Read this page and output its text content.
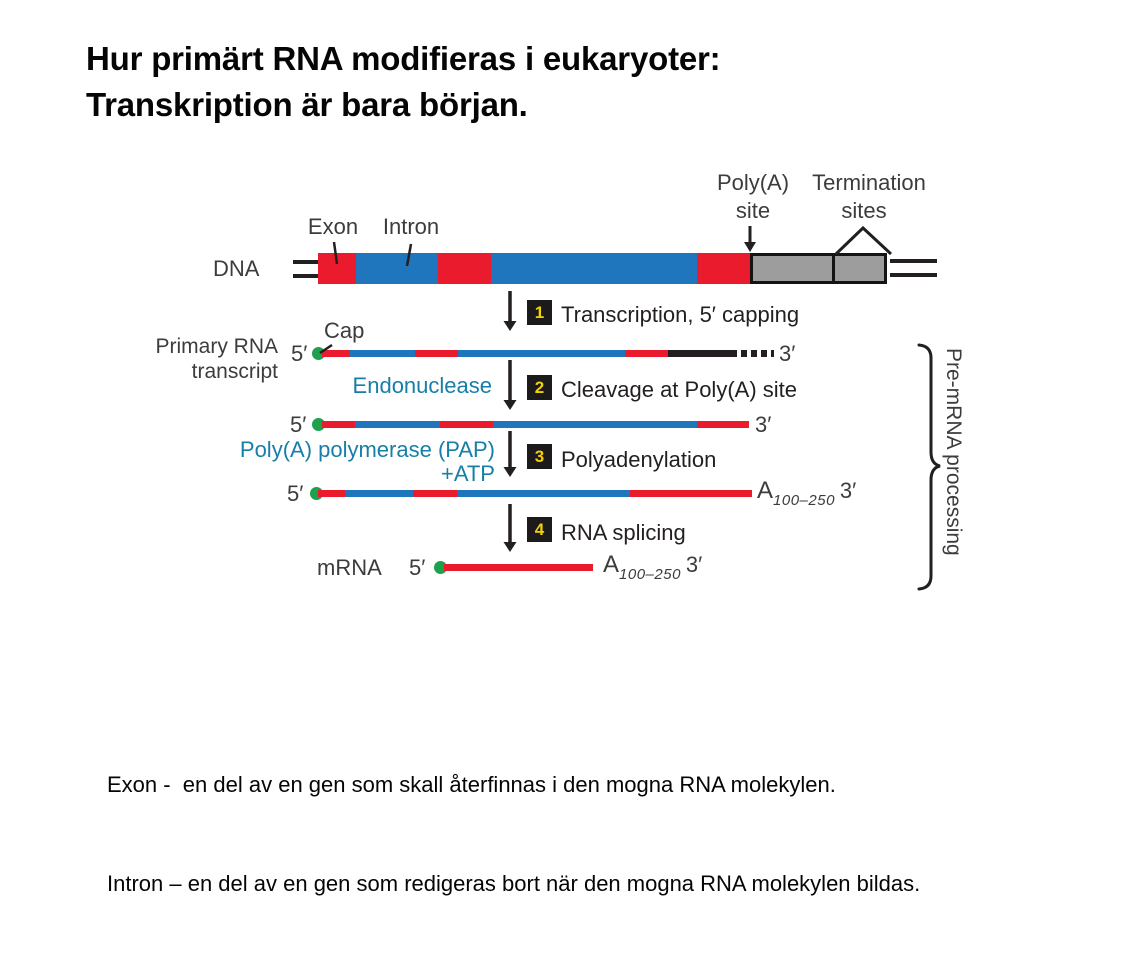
Hur primärt RNA modifieras i eukaryoter:
Transkription är bara början.
DNA
Exon Intron
Poly(A)
site
Termination
sites
1 Transcription, 5′ capping
Primary RNA
transcript
Cap
5′	3′
Endonuclease	2 Cleavage at Poly(A) site
5′	3′
Poly(A) polymerase (PAP)
+ATP
3 Polyadenylation
5′	A100–250 3′
4 RNA splicing
mRNA 5′	A100–250 3′
Pre-mRNA processing

Exon -  en del av en gen som skall återfinnas i den mogna RNA molekylen.

Intron – en del av en gen som redigeras bort när den mogna RNA molekylen bildas.
